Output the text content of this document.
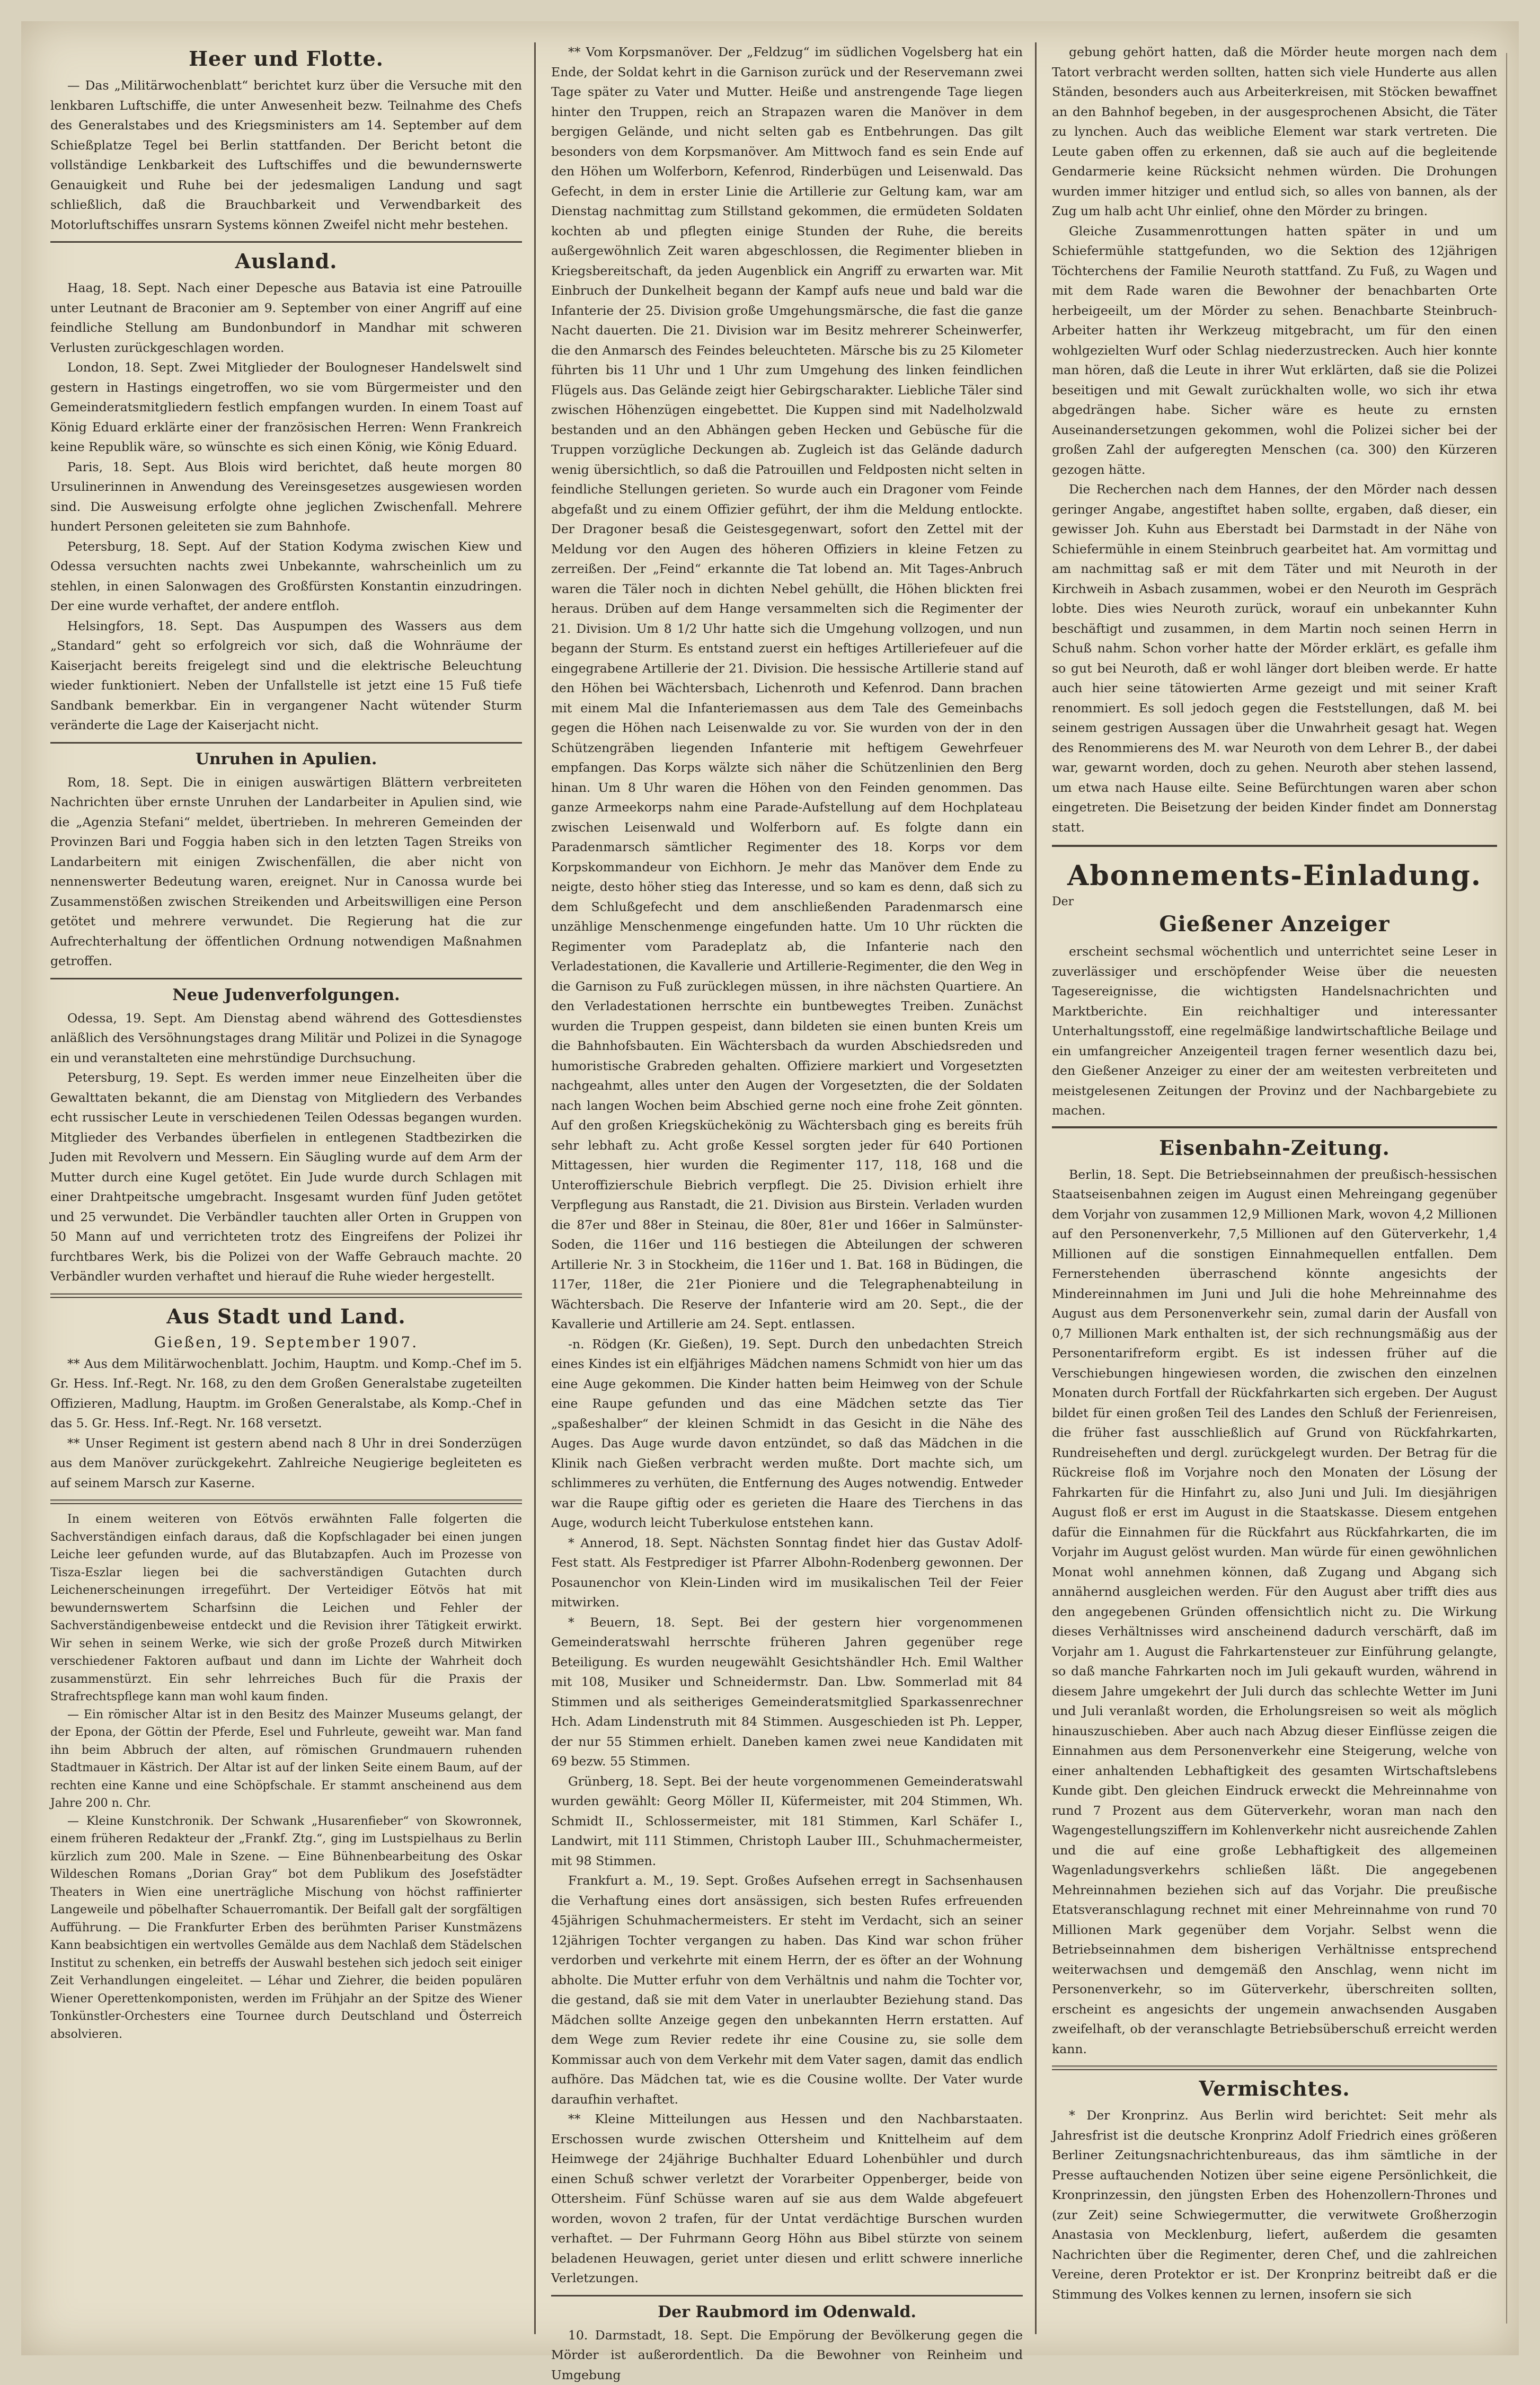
Heer und Flotte.

— Das „Militärwochenblatt“ berichtet kurz über die Versuche mit den lenkbaren Luftschiffe, die unter Anwesenheit bezw. Teilnahme des Chefs des Generalstabes und des Kriegsministers am 14. September auf dem Schießplatze Tegel bei Berlin stattfanden. Der Bericht betont die vollständige Lenkbarkeit des Luftschiffes und die bewundernswerte Genauigkeit und Ruhe bei der jedesmaligen Landung und sagt schließlich, daß die Brauchbarkeit und Verwendbarkeit des Motorluftschiffes unsrarn Systems können Zweifel nicht mehr bestehen.

Ausland.

Haag, 18. Sept. Nach einer Depesche aus Batavia ist eine Patrouille unter Leutnant de Braconier am 9. September von einer Angriff auf eine feindliche Stellung am Bundonbundorf in Mandhar mit schweren Verlusten zurückgeschlagen worden.

London, 18. Sept. Zwei Mitglieder der Boulogneser Handelswelt sind gestern in Hastings eingetroffen, wo sie vom Bürgermeister und den Gemeinderatsmitgliedern festlich empfangen wurden. In einem Toast auf König Eduard erklärte einer der französischen Herren: Wenn Frankreich keine Republik wäre, so wünschte es sich einen König, wie König Eduard.

Paris, 18. Sept. Aus Blois wird berichtet, daß heute morgen 80 Ursulinerinnen in Anwendung des Vereinsgesetzes ausgewiesen worden sind. Die Ausweisung erfolgte ohne jeglichen Zwischenfall. Mehrere hundert Personen geleiteten sie zum Bahnhofe.

Petersburg, 18. Sept. Auf der Station Kodyma zwischen Kiew und Odessa versuchten nachts zwei Unbekannte, wahrscheinlich um zu stehlen, in einen Salonwagen des Großfürsten Konstantin einzudringen. Der eine wurde verhaftet, der andere entfloh.

Helsingfors, 18. Sept. Das Auspumpen des Wassers aus dem „Standard“ geht so erfolgreich vor sich, daß die Wohnräume der Kaiserjacht bereits freigelegt sind und die elektrische Beleuchtung wieder funktioniert. Neben der Unfallstelle ist jetzt eine 15 Fuß tiefe Sandbank bemerkbar. Ein in vergangener Nacht wütender Sturm veränderte die Lage der Kaiserjacht nicht.

Unruhen in Apulien.

Rom, 18. Sept. Die in einigen auswärtigen Blättern verbreiteten Nachrichten über ernste Unruhen der Landarbeiter in Apulien sind, wie die „Agenzia Stefani“ meldet, übertrieben. In mehreren Gemeinden der Provinzen Bari und Foggia haben sich in den letzten Tagen Streiks von Landarbeitern mit einigen Zwischenfällen, die aber nicht von nennenswerter Bedeutung waren, ereignet. Nur in Canossa wurde bei Zusammenstößen zwischen Streikenden und Arbeitswilligen eine Person getötet und mehrere verwundet. Die Regierung hat die zur Aufrechterhaltung der öffentlichen Ordnung notwendigen Maßnahmen getroffen.

Neue Judenverfolgungen.

Odessa, 19. Sept. Am Dienstag abend während des Gottesdienstes anläßlich des Versöhnungstages drang Militär und Polizei in die Synagoge ein und veranstalteten eine mehrstündige Durchsuchung.

Petersburg, 19. Sept. Es werden immer neue Einzelheiten über die Gewalttaten bekannt, die am Dienstag von Mitgliedern des Verbandes echt russischer Leute in verschiedenen Teilen Odessas begangen wurden. Mitglieder des Verbandes überfielen in entlegenen Stadtbezirken die Juden mit Revolvern und Messern. Ein Säugling wurde auf dem Arm der Mutter durch eine Kugel getötet. Ein Jude wurde durch Schlagen mit einer Drahtpeitsche umgebracht. Insgesamt wurden fünf Juden getötet und 25 verwundet. Die Verbändler tauchten aller Orten in Gruppen von 50 Mann auf und verrichteten trotz des Eingreifens der Polizei ihr furchtbares Werk, bis die Polizei von der Waffe Gebrauch machte. 20 Verbändler wurden verhaftet und hierauf die Ruhe wieder hergestellt.

Aus Stadt und Land.
Gießen, 19. September 1907.

** Aus dem Militärwochenblatt. Jochim, Hauptm. und Komp.-Chef im 5. Gr. Hess. Inf.-Regt. Nr. 168, zu den dem Großen Generalstabe zugeteilten Offizieren, Madlung, Hauptm. im Großen Generalstabe, als Komp.-Chef in das 5. Gr. Hess. Inf.-Regt. Nr. 168 versetzt.

** Unser Regiment ist gestern abend nach 8 Uhr in drei Sonderzügen aus dem Manöver zurückgekehrt. Zahlreiche Neugierige begleiteten es auf seinem Marsch zur Kaserne.

In einem weiteren von Eötvös erwähnten Falle folgerten die Sachverständigen einfach daraus, daß die Kopfschlagader bei einen jungen Leiche leer gefunden wurde, auf das Blutabzapfen. Auch im Prozesse von Tisza-Eszlar liegen bei die sachverständigen Gutachten durch Leichenerscheinungen irregeführt. Der Verteidiger Eötvös hat mit bewundernswertem Scharfsinn die Leichen und Fehler der Sachverständigenbeweise entdeckt und die Revision ihrer Tätigkeit erwirkt. Wir sehen in seinem Werke, wie sich der große Prozeß durch Mitwirken verschiedener Faktoren aufbaut und dann im Lichte der Wahrheit doch zusammenstürzt. Ein sehr lehrreiches Buch für die Praxis der Strafrechtspflege kann man wohl kaum finden.

— Ein römischer Altar ist in den Besitz des Mainzer Museums gelangt, der der Epona, der Göttin der Pferde, Esel und Fuhrleute, geweiht war. Man fand ihn beim Abbruch der alten, auf römischen Grundmauern ruhenden Stadtmauer in Kästrich. Der Altar ist auf der linken Seite einem Baum, auf der rechten eine Kanne und eine Schöpfschale. Er stammt anscheinend aus dem Jahre 200 n. Chr.

— Kleine Kunstchronik. Der Schwank „Husarenfieber“ von Skowronnek, einem früheren Redakteur der „Frankf. Ztg.“, ging im Lustspielhaus zu Berlin kürzlich zum 200. Male in Szene. — Eine Bühnenbearbeitung des Oskar Wildeschen Romans „Dorian Gray“ bot dem Publikum des Josefstädter Theaters in Wien eine unerträgliche Mischung von höchst raffinierter Langeweile und pöbelhafter Schauerromantik. Der Beifall galt der sorgfältigen Aufführung. — Die Frankfurter Erben des berühmten Pariser Kunstmäzens Kann beabsichtigen ein wertvolles Gemälde aus dem Nachlaß dem Städelschen Institut zu schenken, ein betreffs der Auswahl bestehen sich jedoch seit einiger Zeit Verhandlungen eingeleitet. — Léhar und Ziehrer, die beiden populären Wiener Operettenkomponisten, werden im Frühjahr an der Spitze des Wiener Tonkünstler-Orchesters eine Tournee durch Deutschland und Österreich absolvieren.

** Vom Korpsmanöver. Der „Feldzug“ im südlichen Vogelsberg hat ein Ende, der Soldat kehrt in die Garnison zurück und der Reservemann zwei Tage später zu Vater und Mutter. Heiße und anstrengende Tage liegen hinter den Truppen, reich an Strapazen waren die Manöver in dem bergigen Gelände, und nicht selten gab es Entbehrungen. Das gilt besonders von dem Korpsmanöver. Am Mittwoch fand es sein Ende auf den Höhen um Wolferborn, Kefenrod, Rinderbügen und Leisenwald. Das Gefecht, in dem in erster Linie die Artillerie zur Geltung kam, war am Dienstag nachmittag zum Stillstand gekommen, die ermüdeten Soldaten kochten ab und pflegten einige Stunden der Ruhe, die bereits außergewöhnlich Zeit waren abgeschlossen, die Regimenter blieben in Kriegsbereitschaft, da jeden Augenblick ein Angriff zu erwarten war. Mit Einbruch der Dunkelheit begann der Kampf aufs neue und bald war die Infanterie der 25. Division große Umgehungsmärsche, die fast die ganze Nacht dauerten. Die 21. Division war im Besitz mehrerer Scheinwerfer, die den Anmarsch des Feindes beleuchteten. Märsche bis zu 25 Kilometer führten bis 11 Uhr und 1 Uhr zum Umgehung des linken feindlichen Flügels aus. Das Gelände zeigt hier Gebirgscharakter. Liebliche Täler sind zwischen Höhenzügen eingebettet. Die Kuppen sind mit Nadelholzwald bestanden und an den Abhängen geben Hecken und Gebüsche für die Truppen vorzügliche Deckungen ab. Zugleich ist das Gelände dadurch wenig übersichtlich, so daß die Patrouillen und Feldposten nicht selten in feindliche Stellungen gerieten. So wurde auch ein Dragoner vom Feinde abgefaßt und zu einem Offizier geführt, der ihm die Meldung entlockte. Der Dragoner besaß die Geistesgegenwart, sofort den Zettel mit der Meldung vor den Augen des höheren Offiziers in kleine Fetzen zu zerreißen. Der „Feind“ erkannte die Tat lobend an. Mit Tages-Anbruch waren die Täler noch in dichten Nebel gehüllt, die Höhen blickten frei heraus. Drüben auf dem Hange versammelten sich die Regimenter der 21. Division. Um 8 1/2 Uhr hatte sich die Umgehung vollzogen, und nun begann der Sturm. Es entstand zuerst ein heftiges Artilleriefeuer auf die eingegrabene Artillerie der 21. Division. Die hessische Artillerie stand auf den Höhen bei Wächtersbach, Lichenroth und Kefenrod. Dann brachen mit einem Mal die Infanteriemassen aus dem Tale des Gemeinbachs gegen die Höhen nach Leisenwalde zu vor. Sie wurden von der in den Schützengräben liegenden Infanterie mit heftigem Gewehrfeuer empfangen. Das Korps wälzte sich näher die Schützenlinien den Berg hinan. Um 8 Uhr waren die Höhen von den Feinden genommen. Das ganze Armeekorps nahm eine Parade-Aufstellung auf dem Hochplateau zwischen Leisenwald und Wolferborn auf. Es folgte dann ein Paradenmarsch sämtlicher Regimenter des 18. Korps vor dem Korpskommandeur von Eichhorn. Je mehr das Manöver dem Ende zu neigte, desto höher stieg das Interesse, und so kam es denn, daß sich zu dem Schlußgefecht und dem anschließenden Paradenmarsch eine unzählige Menschenmenge eingefunden hatte. Um 10 Uhr rückten die Regimenter vom Paradeplatz ab, die Infanterie nach den Verladestationen, die Kavallerie und Artillerie-Regimenter, die den Weg in die Garnison zu Fuß zurücklegen müssen, in ihre nächsten Quartiere. An den Verladestationen herrschte ein buntbewegtes Treiben. Zunächst wurden die Truppen gespeist, dann bildeten sie einen bunten Kreis um die Bahnhofsbauten. Ein Wächtersbach da wurden Abschiedsreden und humoristische Grabreden gehalten. Offiziere markiert und Vorgesetzten nachgeahmt, alles unter den Augen der Vorgesetzten, die der Soldaten nach langen Wochen beim Abschied gerne noch eine frohe Zeit gönnten. Auf den großen Kriegsküchekönig zu Wächtersbach ging es bereits früh sehr lebhaft zu. Acht große Kessel sorgten jeder für 640 Portionen Mittagessen, hier wurden die Regimenter 117, 118, 168 und die Unteroffizierschule Biebrich verpflegt. Die 25. Division erhielt ihre Verpflegung aus Ranstadt, die 21. Division aus Birstein. Verladen wurden die 87er und 88er in Steinau, die 80er, 81er und 166er in Salmünster-Soden, die 116er und 116 bestiegen die Abteilungen der schweren Artillerie Nr. 3 in Stockheim, die 116er und 1. Bat. 168 in Büdingen, die 117er, 118er, die 21er Pioniere und die Telegraphenabteilung in Wächtersbach. Die Reserve der Infanterie wird am 20. Sept., die der Kavallerie und Artillerie am 24. Sept. entlassen.

-n. Rödgen (Kr. Gießen), 19. Sept. Durch den unbedachten Streich eines Kindes ist ein elfjähriges Mädchen namens Schmidt von hier um das eine Auge gekommen. Die Kinder hatten beim Heimweg von der Schule eine Raupe gefunden und das eine Mädchen setzte das Tier „spaßeshalber“ der kleinen Schmidt in das Gesicht in die Nähe des Auges. Das Auge wurde davon entzündet, so daß das Mädchen in die Klinik nach Gießen verbracht werden mußte. Dort machte sich, um schlimmeres zu verhüten, die Entfernung des Auges notwendig. Entweder war die Raupe giftig oder es gerieten die Haare des Tierchens in das Auge, wodurch leicht Tuberkulose entstehen kann.

* Annerod, 18. Sept. Nächsten Sonntag findet hier das Gustav Adolf-Fest statt. Als Festprediger ist Pfarrer Albohn-Rodenberg gewonnen. Der Posaunenchor von Klein-Linden wird im musikalischen Teil der Feier mitwirken.

* Beuern, 18. Sept. Bei der gestern hier vorgenommenen Gemeinderatswahl herrschte früheren Jahren gegenüber rege Beteiligung. Es wurden neugewählt Gesichtshändler Hch. Emil Walther mit 108, Musiker und Schneidermstr. Dan. Lbw. Sommerlad mit 84 Stimmen und als seitheriges Gemeinderatsmitglied Sparkassenrechner Hch. Adam Lindenstruth mit 84 Stimmen. Ausgeschieden ist Ph. Lepper, der nur 55 Stimmen erhielt. Daneben kamen zwei neue Kandidaten mit 69 bezw. 55 Stimmen.

Grünberg, 18. Sept. Bei der heute vorgenommenen Gemeinderatswahl wurden gewählt: Georg Möller II, Küfermeister, mit 204 Stimmen, Wh. Schmidt II., Schlossermeister, mit 181 Stimmen, Karl Schäfer I., Landwirt, mit 111 Stimmen, Christoph Lauber III., Schuhmachermeister, mit 98 Stimmen.

Frankfurt a. M., 19. Sept. Großes Aufsehen erregt in Sachsenhausen die Verhaftung eines dort ansässigen, sich besten Rufes erfreuenden 45jährigen Schuhmachermeisters. Er steht im Verdacht, sich an seiner 12jährigen Tochter vergangen zu haben. Das Kind war schon früher verdorben und verkehrte mit einem Herrn, der es öfter an der Wohnung abholte. Die Mutter erfuhr von dem Verhältnis und nahm die Tochter vor, die gestand, daß sie mit dem Vater in unerlaubter Beziehung stand. Das Mädchen sollte Anzeige gegen den unbekannten Herrn erstatten. Auf dem Wege zum Revier redete ihr eine Cousine zu, sie solle dem Kommissar auch von dem Verkehr mit dem Vater sagen, damit das endlich aufhöre. Das Mädchen tat, wie es die Cousine wollte. Der Vater wurde daraufhin verhaftet.

** Kleine Mitteilungen aus Hessen und den Nachbarstaaten. Erschossen wurde zwischen Ottersheim und Knittelheim auf dem Heimwege der 24jährige Buchhalter Eduard Lohenbühler und durch einen Schuß schwer verletzt der Vorarbeiter Oppenberger, beide von Ottersheim. Fünf Schüsse waren auf sie aus dem Walde abgefeuert worden, wovon 2 trafen, für der Untat verdächtige Burschen wurden verhaftet. — Der Fuhrmann Georg Höhn aus Bibel stürzte von seinem beladenen Heuwagen, geriet unter diesen und erlitt schwere innerliche Verletzungen.

Der Raubmord im Odenwald.

10. Darmstadt, 18. Sept. Die Empörung der Bevölkerung gegen die Mörder ist außerordentlich. Da die Bewohner von Reinheim und Umgebung

gebung gehört hatten, daß die Mörder heute morgen nach dem Tatort verbracht werden sollten, hatten sich viele Hunderte aus allen Ständen, besonders auch aus Arbeiterkreisen, mit Stöcken bewaffnet an den Bahnhof begeben, in der ausgesprochenen Absicht, die Täter zu lynchen. Auch das weibliche Element war stark vertreten. Die Leute gaben offen zu erkennen, daß sie auch auf die begleitende Gendarmerie keine Rücksicht nehmen würden. Die Drohungen wurden immer hitziger und entlud sich, so alles von bannen, als der Zug um halb acht Uhr einlief, ohne den Mörder zu bringen.

Gleiche Zusammenrottungen hatten später in und um Schiefermühle stattgefunden, wo die Sektion des 12jährigen Töchterchens der Familie Neuroth stattfand. Zu Fuß, zu Wagen und mit dem Rade waren die Bewohner der benachbarten Orte herbeigeeilt, um der Mörder zu sehen. Benachbarte Steinbruch-Arbeiter hatten ihr Werkzeug mitgebracht, um für den einen wohlgezielten Wurf oder Schlag niederzustrecken. Auch hier konnte man hören, daß die Leute in ihrer Wut erklärten, daß sie die Polizei beseitigen und mit Gewalt zurückhalten wolle, wo sich ihr etwa abgedrängen habe. Sicher wäre es heute zu ernsten Auseinandersetzungen gekommen, wohl die Polizei sicher bei der großen Zahl der aufgeregten Menschen (ca. 300) den Kürzeren gezogen hätte.

Die Recherchen nach dem Hannes, der den Mörder nach dessen geringer Angabe, angestiftet haben sollte, ergaben, daß dieser, ein gewisser Joh. Kuhn aus Eberstadt bei Darmstadt in der Nähe von Schiefermühle in einem Steinbruch gearbeitet hat. Am vormittag und am nachmittag saß er mit dem Täter und mit Neuroth in der Kirchweih in Asbach zusammen, wobei er den Neuroth im Gespräch lobte. Dies wies Neuroth zurück, worauf ein unbekannter Kuhn beschäftigt und zusammen, in dem Martin noch seinen Herrn in Schuß nahm. Schon vorher hatte der Mörder erklärt, es gefalle ihm so gut bei Neuroth, daß er wohl länger dort bleiben werde. Er hatte auch hier seine tätowierten Arme gezeigt und mit seiner Kraft renommiert. Es soll jedoch gegen die Feststellungen, daß M. bei seinem gestrigen Aussagen über die Unwahrheit gesagt hat. Wegen des Renommierens des M. war Neuroth von dem Lehrer B., der dabei war, gewarnt worden, doch zu gehen. Neuroth aber stehen lassend, um etwa nach Hause eilte. Seine Befürchtungen waren aber schon eingetreten. Die Beisetzung der beiden Kinder findet am Donnerstag statt.

Abonnements-Einladung.
Der
Gießener Anzeiger

erscheint sechsmal wöchentlich und unterrichtet seine Leser in zuverlässiger und erschöpfender Weise über die neuesten Tagesereignisse, die wichtigsten Handelsnachrichten und Marktberichte. Ein reichhaltiger und interessanter Unterhaltungsstoff, eine regelmäßige landwirtschaftliche Beilage und ein umfangreicher Anzeigenteil tragen ferner wesentlich dazu bei, den Gießener Anzeiger zu einer der am weitesten verbreiteten und meistgelesenen Zeitungen der Provinz und der Nachbargebiete zu machen.

Eisenbahn-Zeitung.

Berlin, 18. Sept. Die Betriebseinnahmen der preußisch-hessischen Staatseisenbahnen zeigen im August einen Mehreingang gegenüber dem Vorjahr von zusammen 12,9 Millionen Mark, wovon 4,2 Millionen auf den Personenverkehr, 7,5 Millionen auf den Güterverkehr, 1,4 Millionen auf die sonstigen Einnahmequellen entfallen. Dem Fernerstehenden überraschend könnte angesichts der Mindereinnahmen im Juni und Juli die hohe Mehreinnahme des August aus dem Personenverkehr sein, zumal darin der Ausfall von 0,7 Millionen Mark enthalten ist, der sich rechnungsmäßig aus der Personentarifreform ergibt. Es ist indessen früher auf die Verschiebungen hingewiesen worden, die zwischen den einzelnen Monaten durch Fortfall der Rückfahrkarten sich ergeben. Der August bildet für einen großen Teil des Landes den Schluß der Ferienreisen, die früher fast ausschließlich auf Grund von Rückfahrkarten, Rundreiseheften und dergl. zurückgelegt wurden. Der Betrag für die Rückreise floß im Vorjahre noch den Monaten der Lösung der Fahrkarten für die Hinfahrt zu, also Juni und Juli. Im diesjährigen August floß er erst im August in die Staatskasse. Diesem entgehen dafür die Einnahmen für die Rückfahrt aus Rückfahrkarten, die im Vorjahr im August gelöst wurden. Man würde für einen gewöhnlichen Monat wohl annehmen können, daß Zugang und Abgang sich annähernd ausgleichen werden. Für den August aber trifft dies aus den angegebenen Gründen offensichtlich nicht zu. Die Wirkung dieses Verhältnisses wird anscheinend dadurch verschärft, daß im Vorjahr am 1. August die Fahrkartensteuer zur Einführung gelangte, so daß manche Fahrkarten noch im Juli gekauft wurden, während in diesem Jahre umgekehrt der Juli durch das schlechte Wetter im Juni und Juli veranlaßt worden, die Erholungsreisen so weit als möglich hinauszuschieben. Aber auch nach Abzug dieser Einflüsse zeigen die Einnahmen aus dem Personenverkehr eine Steigerung, welche von einer anhaltenden Lebhaftigkeit des gesamten Wirtschaftslebens Kunde gibt. Den gleichen Eindruck erweckt die Mehreinnahme von rund 7 Prozent aus dem Güterverkehr, woran man nach den Wagengestellungsziffern im Kohlenverkehr nicht ausreichende Zahlen und die auf eine große Lebhaftigkeit des allgemeinen Wagenladungsverkehrs schließen läßt. Die angegebenen Mehreinnahmen beziehen sich auf das Vorjahr. Die preußische Etatsveranschlagung rechnet mit einer Mehreinnahme von rund 70 Millionen Mark gegenüber dem Vorjahr. Selbst wenn die Betriebseinnahmen dem bisherigen Verhältnisse entsprechend weiterwachsen und demgemäß den Anschlag, wenn nicht im Personenverkehr, so im Güterverkehr, überschreiten sollten, erscheint es angesichts der ungemein anwachsenden Ausgaben zweifelhaft, ob der veranschlagte Betriebsüberschuß erreicht werden kann.

Vermischtes.

* Der Kronprinz. Aus Berlin wird berichtet: Seit mehr als Jahresfrist ist die deutsche Kronprinz Adolf Friedrich eines größeren Berliner Zeitungsnachrichtenbureaus, das ihm sämtliche in der Presse auftauchenden Notizen über seine eigene Persönlichkeit, die Kronprinzessin, den jüngsten Erben des Hohenzollern-Thrones und (zur Zeit) seine Schwiegermutter, die verwitwete Großherzogin Anastasia von Mecklenburg, liefert, außerdem die gesamten Nachrichten über die Regimenter, deren Chef, und die zahlreichen Vereine, deren Protektor er ist. Der Kronprinz beitreibt daß er die Stimmung des Volkes kennen zu lernen, insofern sie sich
